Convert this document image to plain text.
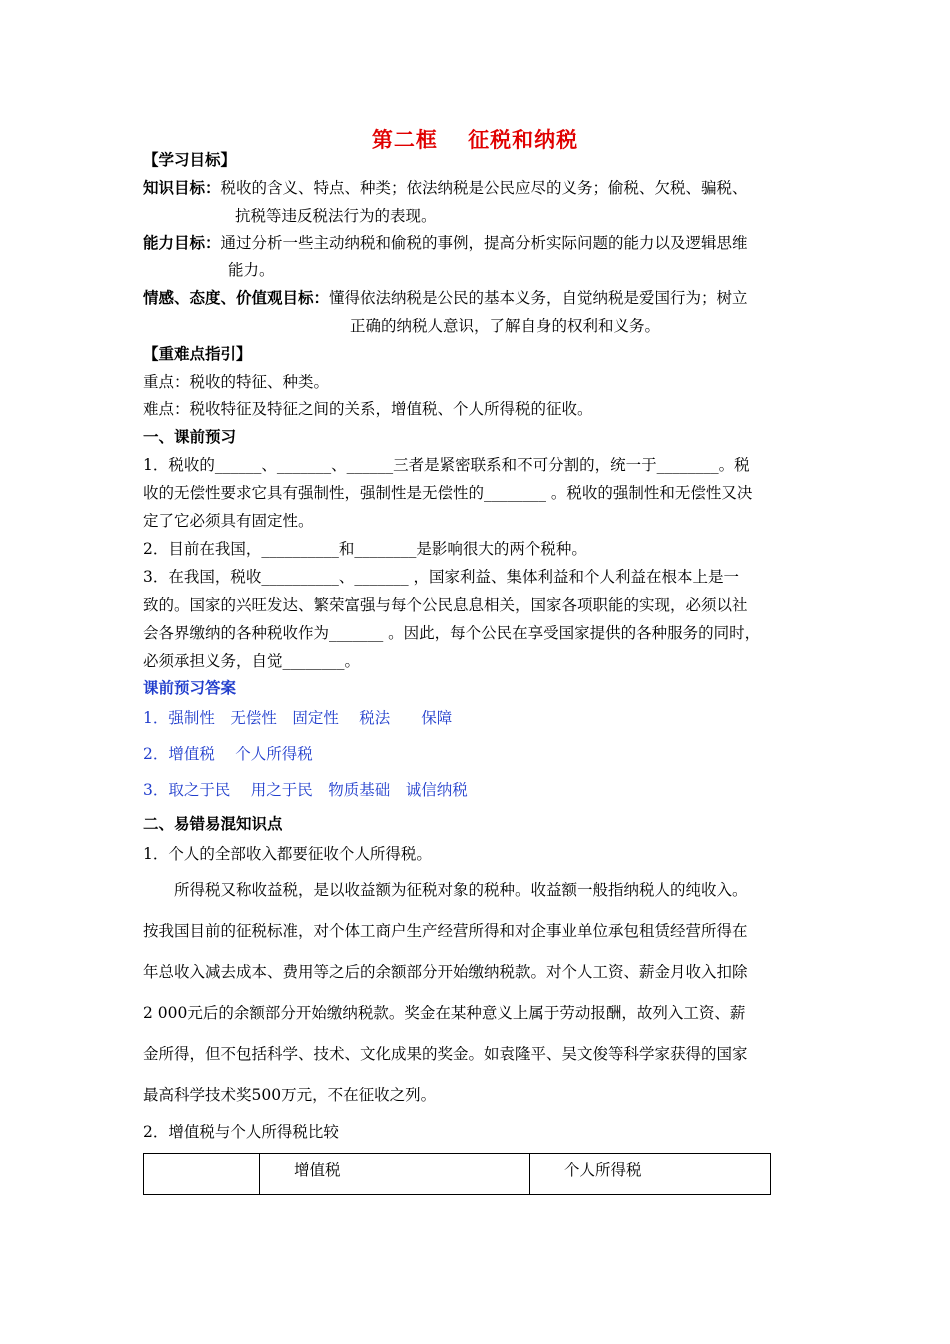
第二框　 征税和纳税
【学习目标】
知识目标：税收的含义、特点、种类；依法纳税是公民应尽的义务；偷税、欠税、骗税、
抗税等违反税法行为的表现。
能力目标：通过分析一些主动纳税和偷税的事例，提高分析实际问题的能力以及逻辑思维
能力。
情感、态度、价值观目标：懂得依法纳税是公民的基本义务，自觉纳税是爱国行为；树立
正确的纳税人意识，了解自身的权利和义务。
【重难点指引】
重点：税收的特征、种类。
难点：税收特征及特征之间的关系，增值税、个人所得税的征收。
一、课前预习
1．税收的______、_______、______三者是紧密联系和不可分割的，统一于________。税
收的无偿性要求它具有强制性，强制性是无偿性的________ 。税收的强制性和无偿性又决
定了它必须具有固定性。
2．目前在我国，__________和________是影响很大的两个税种。
3．在我国，税收__________、_______ ，国家利益、集体利益和个人利益在根本上是一
致的。国家的兴旺发达、繁荣富强与每个公民息息相关，国家各项职能的实现，必须以社
会各界缴纳的各种税收作为_______ 。因此，每个公民在享受国家提供的各种服务的同时，
必须承担义务，自觉________。
课前预习答案
1．强制性　无偿性　固定性　 税法　　保障
2．增值税　 个人所得税
3．取之于民　 用之于民　物质基础　诚信纳税
二、易错易混知识点
1．个人的全部收入都要征收个人所得税。
　　所得税又称收益税，是以收益额为征税对象的税种。收益额一般指纳税人的纯收入。
按我国目前的征税标准，对个体工商户生产经营所得和对企事业单位承包租赁经营所得在
年总收入减去成本、费用等之后的余额部分开始缴纳税款。对个人工资、薪金月收入扣除
2 000元后的余额部分开始缴纳税款。奖金在某种意义上属于劳动报酬，故列入工资、薪
金所得，但不包括科学、技术、文化成果的奖金。如袁隆平、吴文俊等科学家获得的国家
最高科学技术奖500万元，不在征收之列。
2．增值税与个人所得税比较
	增值税	个人所得税
